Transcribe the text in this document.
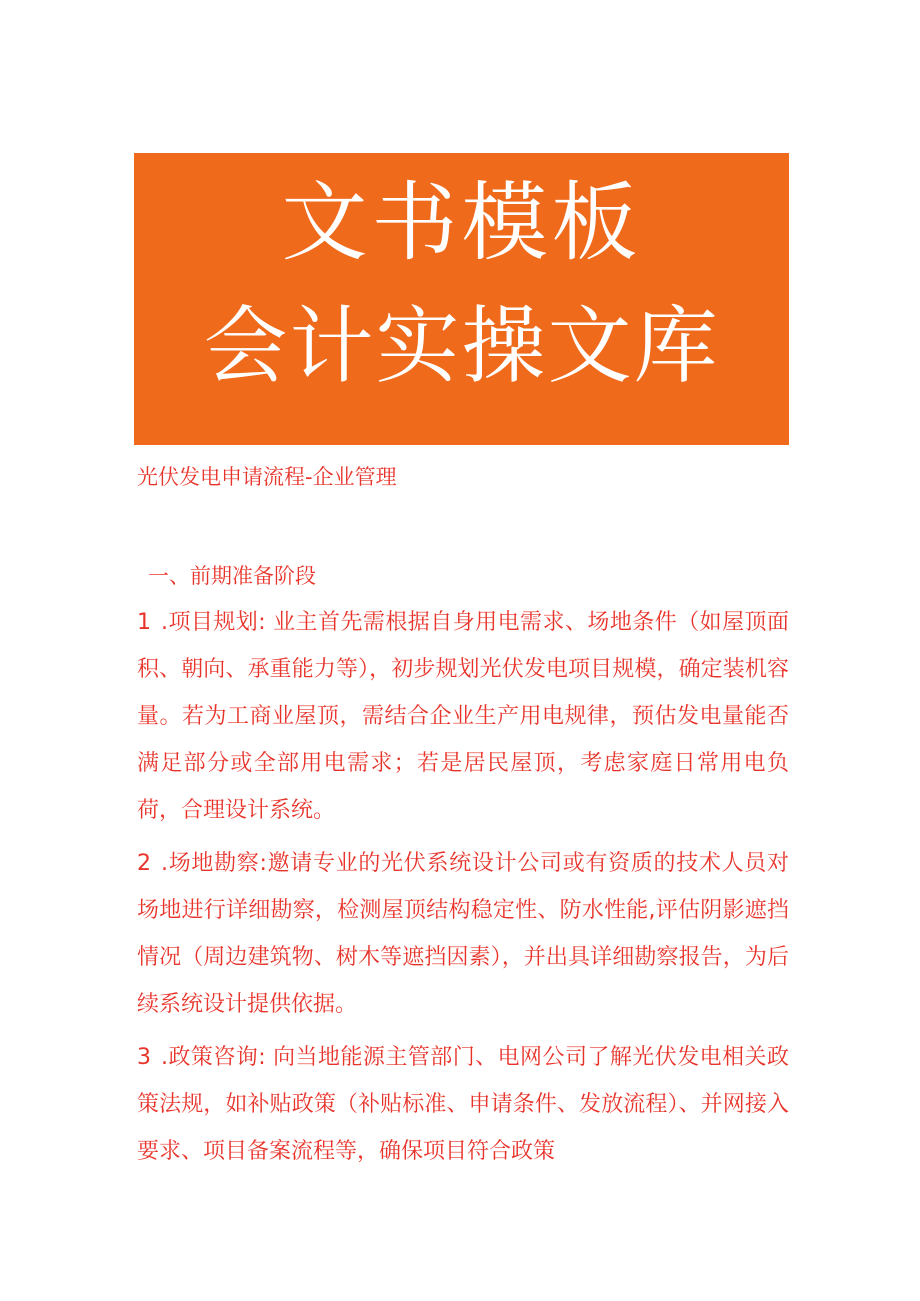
文书模板
会计实操文库
光伏发电申请流程-企业管理
一、前期准备阶段
1 .项目规划: 业主首先需根据自身用电需求、场地条件（如屋顶面积、朝向、承重能力等），初步规划光伏发电项目规模，确定装机容量。若为工商业屋顶，需结合企业生产用电规律，预估发电量能否满足部分或全部用电需求；若是居民屋顶，考虑家庭日常用电负荷，合理设计系统。
2 .场地勘察:邀请专业的光伏系统设计公司或有资质的技术人员对场地进行详细勘察，检测屋顶结构稳定性、防水性能,评估阴影遮挡情况（周边建筑物、树木等遮挡因素），并出具详细勘察报告，为后续系统设计提供依据。
3 .政策咨询: 向当地能源主管部门、电网公司了解光伏发电相关政策法规，如补贴政策（补贴标准、申请条件、发放流程）、并网接入要求、项目备案流程等，确保项目符合政策
